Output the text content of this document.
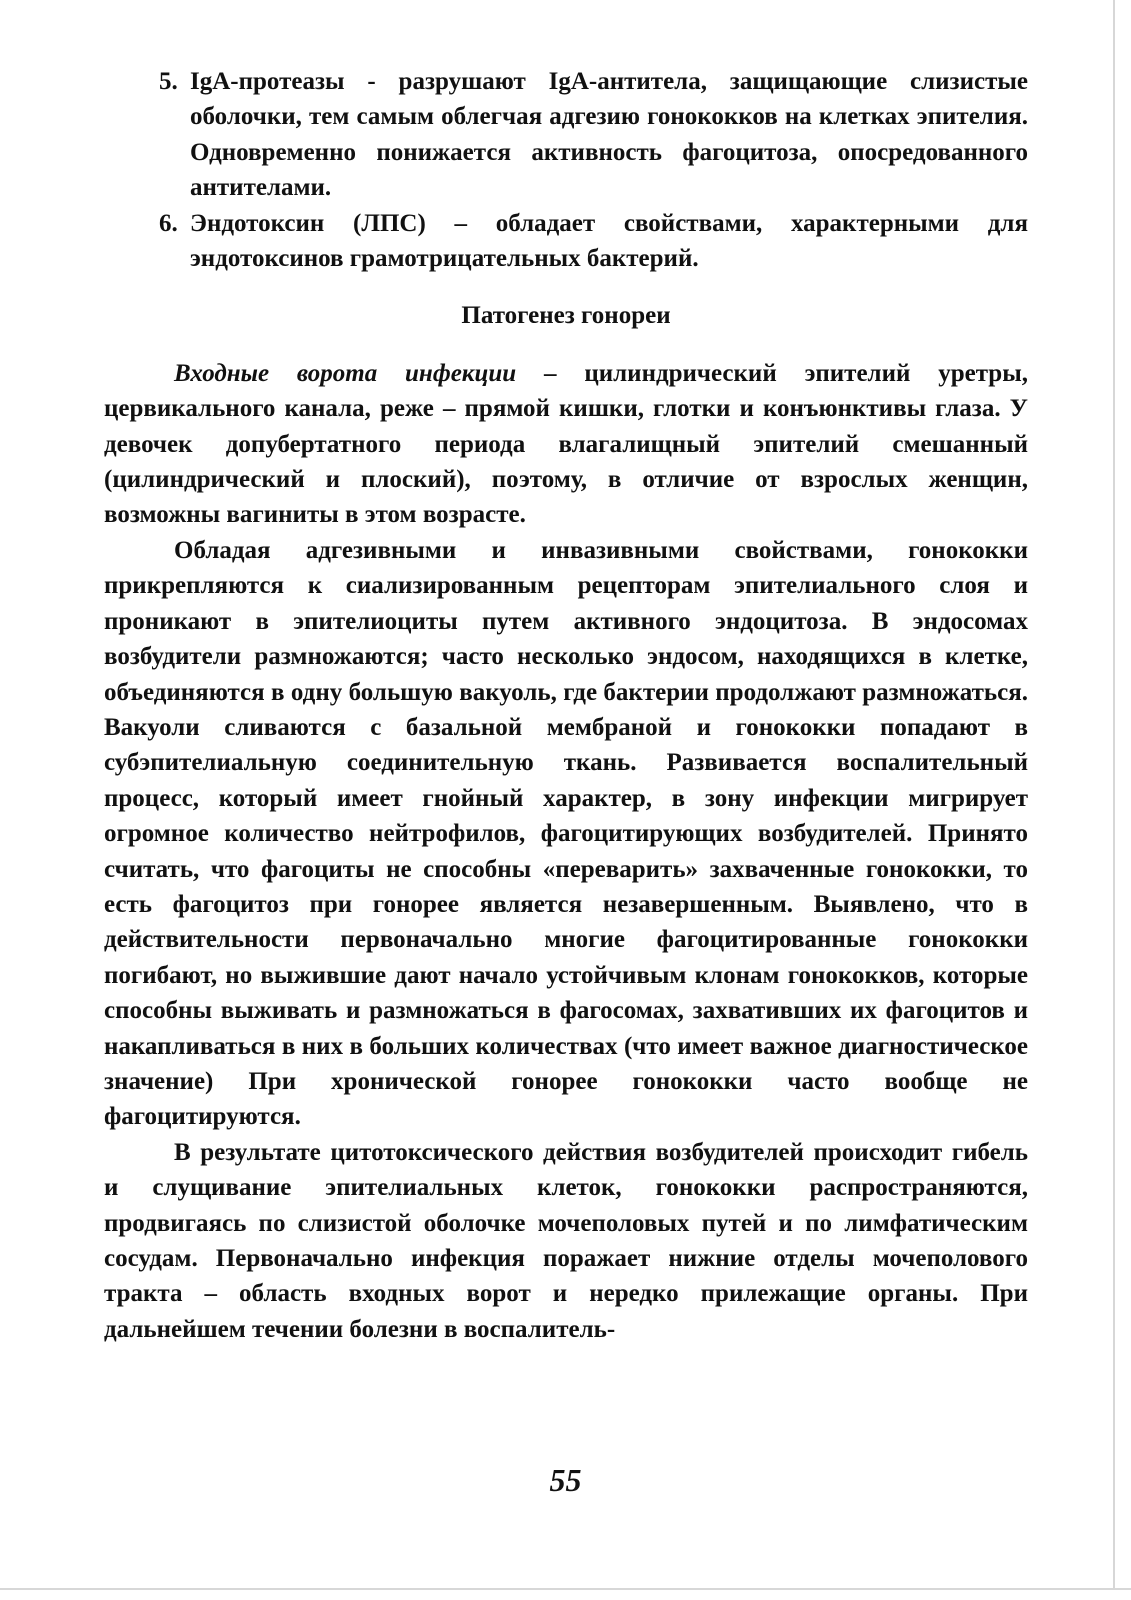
5. IgA-протеазы - разрушают IgA-антитела, защищающие слизистые оболочки, тем самым облегчая адгезию гонококков на клетках эпителия. Одновременно понижается активность фагоцитоза, опосредованного антителами.
6. Эндотоксин (ЛПС) – обладает свойствами, характерными для эндотоксинов грамотрицательных бактерий.
Патогенез гонореи

Входные ворота инфекции – цилиндрический эпителий уретры, цервикального канала, реже – прямой кишки, глотки и конъюнктивы глаза. У девочек допубертатного периода влагалищный эпителий смешанный (цилиндрический и плоский), поэтому, в отличие от взрослых женщин, возможны вагиниты в этом возрасте.

Обладая адгезивными и инвазивными свойствами, гонококки прикрепляются к сиализированным рецепторам эпителиального слоя и проникают в эпителиоциты путем активного эндоцитоза. В эндосомах возбудители размножаются; часто несколько эндосом, находящихся в клетке, объединяются в одну большую вакуоль, где бактерии продолжают размножаться. Вакуоли сливаются с базальной мембраной и гонококки попадают в субэпителиальную соединительную ткань. Развивается воспалительный процесс, который имеет гнойный характер, в зону инфекции мигрирует огромное количество нейтрофилов, фагоцитирующих возбудителей. Принято считать, что фагоциты не способны «переварить» захваченные гонококки, то есть фагоцитоз при гонорее является незавершенным. Выявлено, что в действительности первоначально многие фагоцитированные гонококки погибают, но выжившие дают начало устойчивым клонам гонококков, которые способны выживать и размножаться в фагосомах, захвативших их фагоцитов и накапливаться в них в больших количествах (что имеет важное диагностическое значение) При хронической гонорее гонококки часто вообще не фагоцитируются.

В результате цитотоксического действия возбудителей происходит гибель и слущивание эпителиальных клеток, гонококки распространяются, продвигаясь по слизистой оболочке мочеполовых путей и по лимфатическим сосудам. Первоначально инфекция поражает нижние отделы мочеполового тракта – область входных ворот и нередко прилежащие органы. При дальнейшем течении болезни в воспалитель-

55
